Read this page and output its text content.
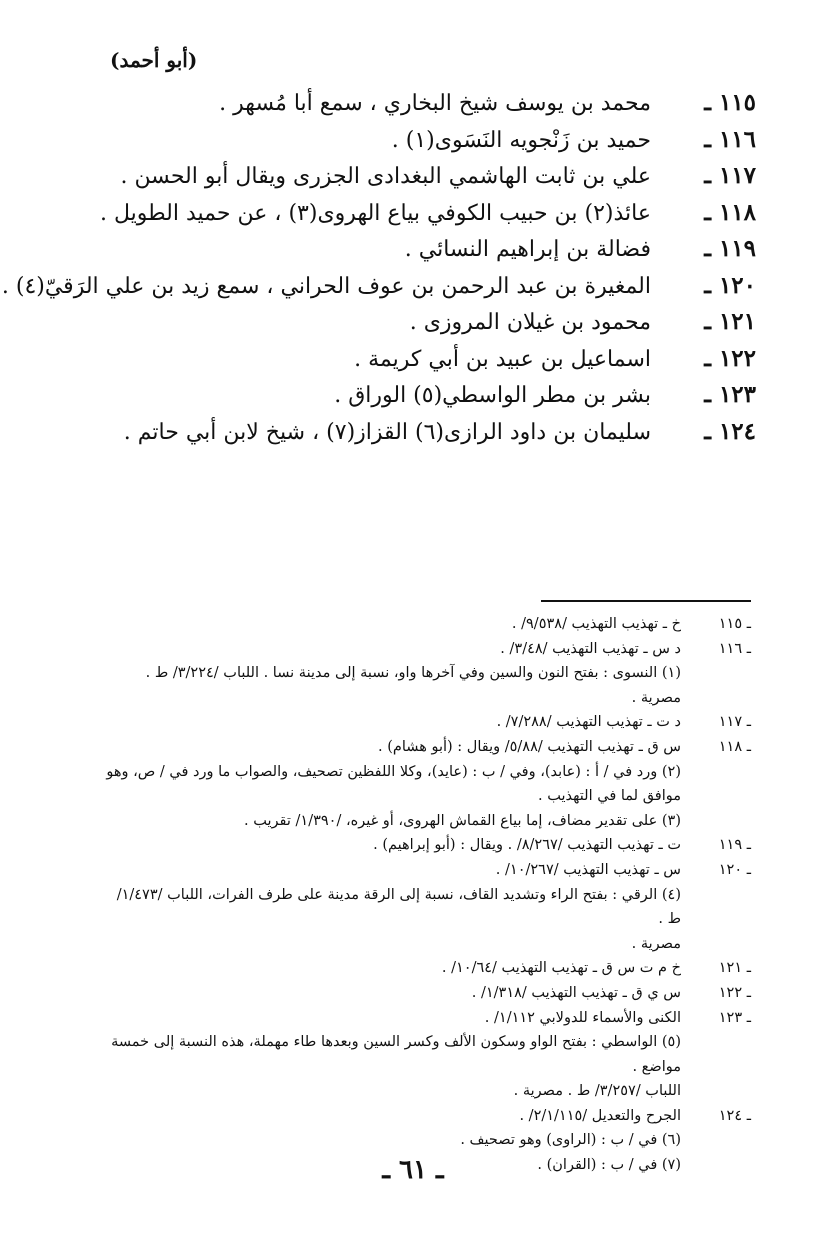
(أبو أحمد)
١١٥ ـ
محمد بن يوسف شيخ البخاري ، سمع أبا مُسهر .
١١٦ ـ
حميد بن زَنْجويه النَسَوى(١) .
١١٧ ـ
علي بن ثابت الهاشمي البغدادى الجزرى ويقال أبو الحسن .
١١٨ ـ
عائذ(٢) بن حبيب الكوفي بياع الهروى(٣) ، عن حميد الطويل .
١١٩ ـ
فضالة بن إبراهيم النسائي .
١٢٠ ـ
المغيرة بن عبد الرحمن بن عوف الحراني ، سمع زيد بن علي الرَقيّ(٤) .
١٢١ ـ
محمود بن غيلان المروزى .
١٢٢ ـ
اسماعيل بن عبيد بن أبي كريمة .
١٢٣ ـ
بشر بن مطر الواسطي(٥) الوراق .
١٢٤ ـ
سليمان بن داود الرازى(٦) القزاز(٧) ، شيخ لابن أبي حاتم .
ـ ١١٥
خ ـ تهذيب التهذيب /٩/٥٣٨/ .
ـ ١١٦
د س ـ تهذيب التهذيب /٣/٤٨/ .
(١) النسوى : بفتح النون والسين وفي آخرها واو، نسبة إلى مدينة نسا . اللباب /٣/٢٢٤/ ط . مصرية .
ـ ١١٧
د ت ـ تهذيب التهذيب /٧/٢٨٨/ .
ـ ١١٨
س ق ـ تهذيب التهذيب /٥/٨٨/ ويقال : (أبو هشام) .
(٢) ورد في / أ : (عابد)، وفي / ب : (عايد)، وكلا اللفظين تصحيف، والصواب ما ورد في / ص، وهو
موافق لما في التهذيب .
(٣) على تقدير مضاف، إما بياع القماش الهروى، أو غيره، /١/٣٩٠/ تقريب .
ـ ١١٩
ت ـ تهذيب التهذيب /٨/٢٦٧/ . ويقال : (أبو إبراهيم) .
ـ ١٢٠
س ـ تهذيب التهذيب /١٠/٢٦٧/ .
(٤) الرقي : بفتح الراء وتشديد القاف، نسبة إلى الرقة مدينة على طرف الفرات، اللباب /١/٤٧٣/ ط .
مصرية .
ـ ١٢١
خ م ت س ق ـ تهذيب التهذيب /١٠/٦٤/ .
ـ ١٢٢
س ي ق ـ تهذيب التهذيب /١/٣١٨/ .
ـ ١٢٣
الكنى والأسماء للدولابي ١/١١٢/ .
(٥) الواسطي : بفتح الواو وسكون الألف وكسر السين وبعدها طاء مهملة، هذه النسبة إلى خمسة مواضع .
اللباب /٣/٢٥٧/ ط . مصرية .
ـ ١٢٤
الجرح والتعديل /٢/١/١١٥/ .
(٦) في / ب : (الراوى) وهو تصحيف .
(٧) في / ب : (القران) .
ـ ٦١ ـ
